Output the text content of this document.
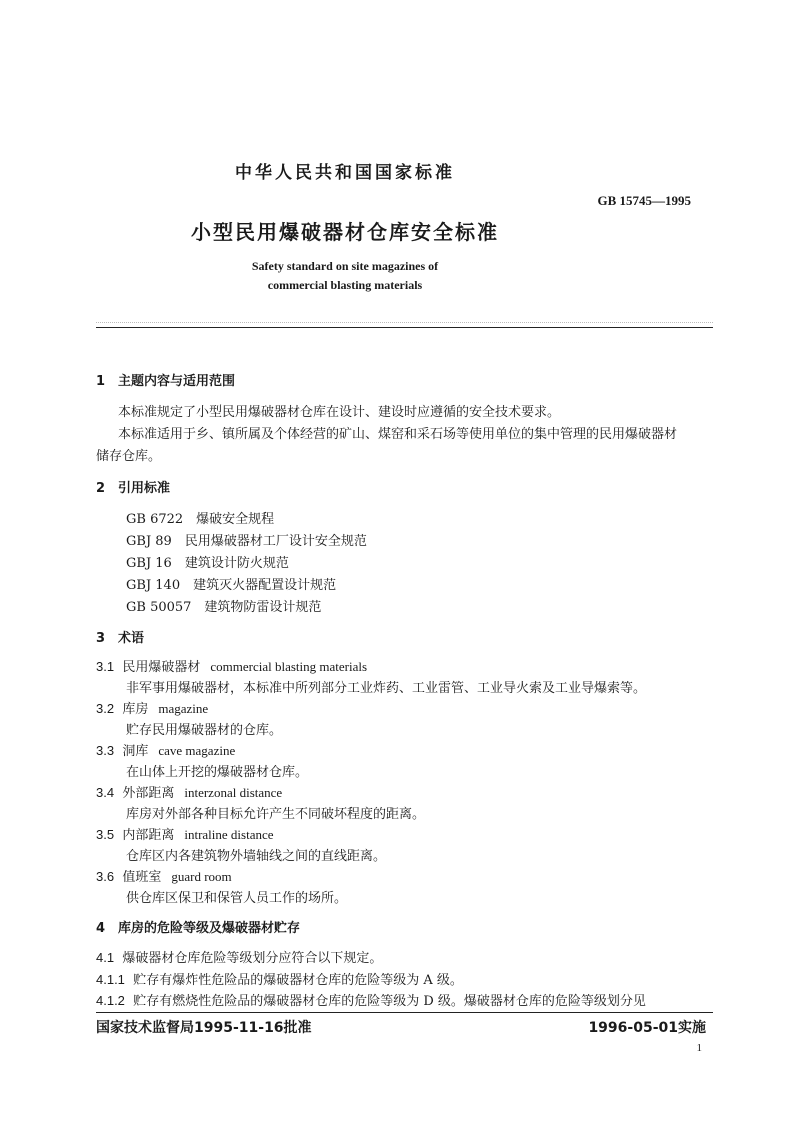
中华人民共和国国家标准
GB 15745—1995
小型民用爆破器材仓库安全标准
Safety standard on site magazines of
commercial blasting materials
1　主题内容与适用范围
本标准规定了小型民用爆破器材仓库在设计、建设时应遵循的安全技术要求。
本标准适用于乡、镇所属及个体经营的矿山、煤窑和采石场等使用单位的集中管理的民用爆破器材
储存仓库。
2　引用标准
GB 6722　爆破安全规程
GBJ 89　民用爆破器材工厂设计安全规范
GBJ 16　建筑设计防火规范
GBJ 140　建筑灭火器配置设计规范
GB 50057　建筑物防雷设计规范
3　术语
3.1 民用爆破器材 commercial blasting materials
非军事用爆破器材，本标准中所列部分工业炸药、工业雷管、工业导火索及工业导爆索等。
3.2 库房 magazine
贮存民用爆破器材的仓库。
3.3 洞库 cave magazine
在山体上开挖的爆破器材仓库。
3.4 外部距离 interzonal distance
库房对外部各种目标允许产生不同破坏程度的距离。
3.5 内部距离 intraline distance
仓库区内各建筑物外墙轴线之间的直线距离。
3.6 值班室 guard room
供仓库区保卫和保管人员工作的场所。
4　库房的危险等级及爆破器材贮存
4.1 爆破器材仓库危险等级划分应符合以下规定。
4.1.1 贮存有爆炸性危险品的爆破器材仓库的危险等级为 A 级。
4.1.2 贮存有燃烧性危险品的爆破器材仓库的危险等级为 D 级。爆破器材仓库的危险等级划分见
国家技术监督局1995-11-16批准	1996-05-01实施
1
